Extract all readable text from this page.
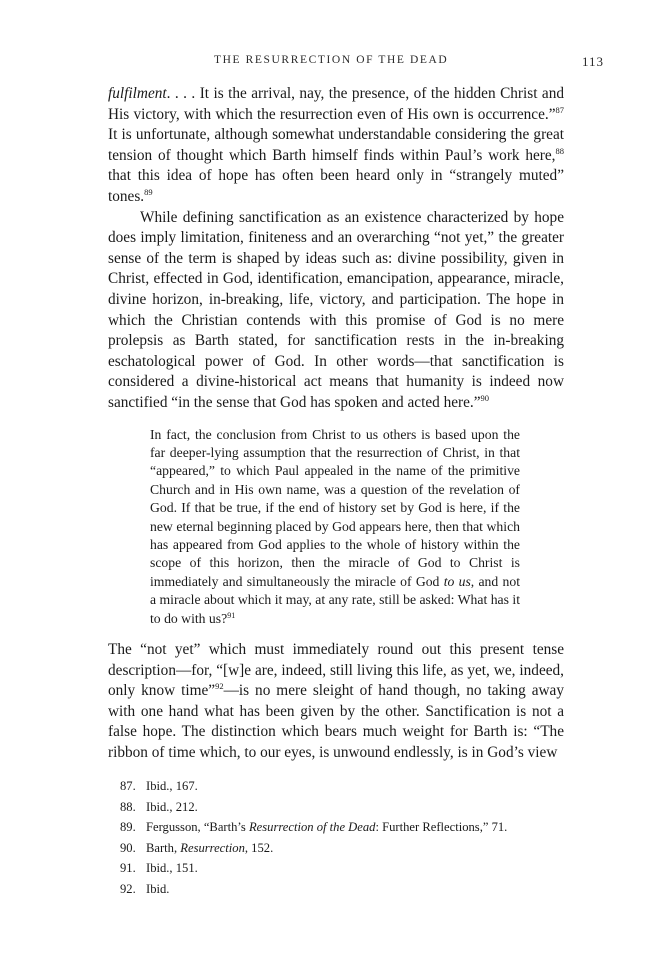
THE RESURRECTION OF THE DEAD	113

fulfilment. . . . It is the arrival, nay, the presence, of the hidden Christ and His victory, with which the resurrection even of His own is occurrence.”$^{87}$ It is unfortunate, although somewhat understandable considering the great tension of thought which Barth himself finds within Paul’s work here,$^{88}$ that this idea of hope has often been heard only in “strangely muted” tones.$^{89}$

While defining sanctification as an existence characterized by hope does imply limitation, finiteness and an overarching “not yet,” the greater sense of the term is shaped by ideas such as: divine possibility, given in Christ, effected in God, identification, emancipation, appearance, miracle, divine horizon, in-breaking, life, victory, and participation. The hope in which the Christian contends with this promise of God is no mere prolepsis as Barth stated, for sanctification rests in the in-breaking eschatological power of God. In other words—that sanctification is considered a divine-historical act means that humanity is indeed now sanctified “in the sense that God has spoken and acted here.”$^{90}$

In fact, the conclusion from Christ to us others is based upon the far deeper-lying assumption that the resurrection of Christ, in that “appeared,” to which Paul appealed in the name of the primitive Church and in His own name, was a question of the revelation of God. If that be true, if the end of history set by God is here, if the new eternal beginning placed by God appears here, then that which has appeared from God applies to the whole of history within the scope of this horizon, then the miracle of God to Christ is immediately and simultaneously the miracle of God to us, and not a miracle about which it may, at any rate, still be asked: What has it to do with us?$^{91}$

The “not yet” which must immediately round out this present tense description—for, “[w]e are, indeed, still living this life, as yet, we, indeed, only know time”$^{92}$—is no mere sleight of hand though, no taking away with one hand what has been given by the other. Sanctification is not a false hope. The distinction which bears much weight for Barth is: “The ribbon of time which, to our eyes, is unwound endlessly, is in God’s view

87. Ibid., 167.
88. Ibid., 212.
89. Fergusson, “Barth’s Resurrection of the Dead: Further Reflections,” 71.
90. Barth, Resurrection, 152.
91. Ibid., 151.
92. Ibid.
